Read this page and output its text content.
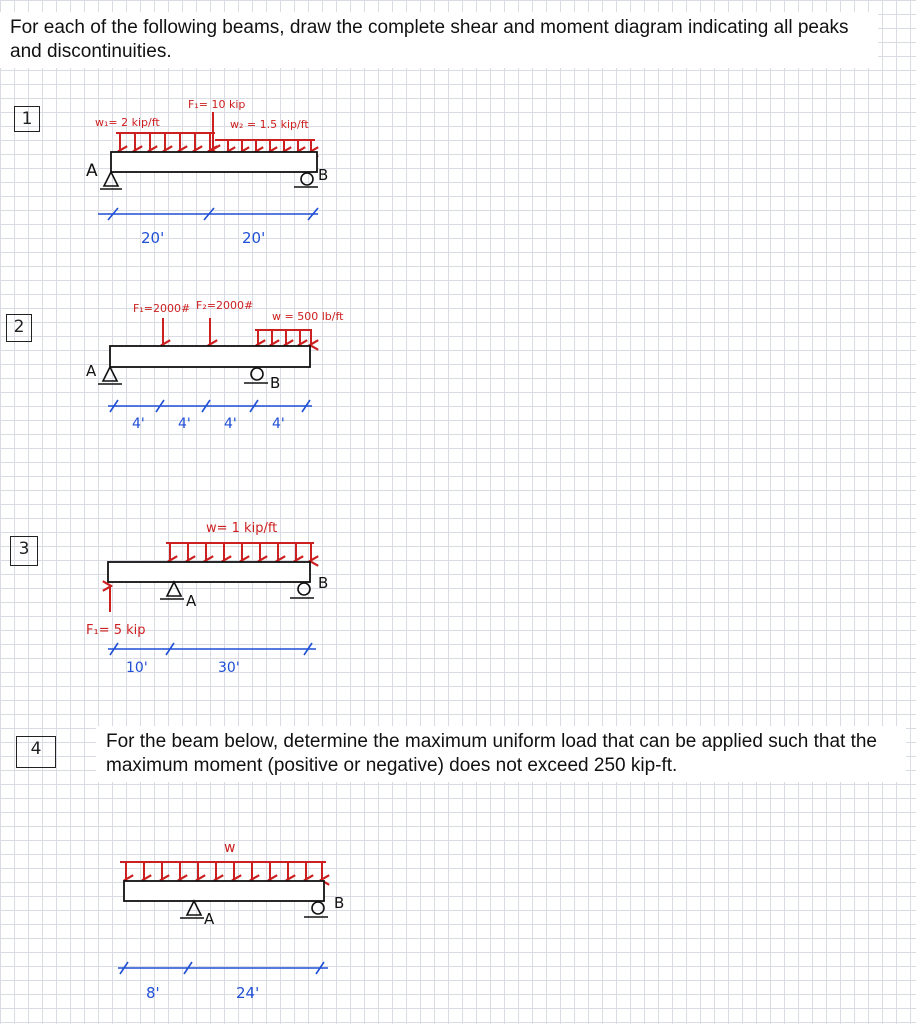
For each of the following beams, draw the complete shear and moment diagram indicating all peaks and discontinuities.
For the beam below, determine the maximum uniform load that can be applied such that the maximum moment (positive or negative) does not exceed 250 kip-ft.
1
2
3
4
w₁= 2 kip/ft
F₁= 10 kip
w₂ = 1.5 kip/ft
A	B
20'	20'
F₁=2000# F₂=2000#
w = 500 lb/ft
A
B
4' 4' 4'	4'
w= 1 kip/ft
F₁= 5 kip
A
B
10'	30'
w
A
B
8'	24'
